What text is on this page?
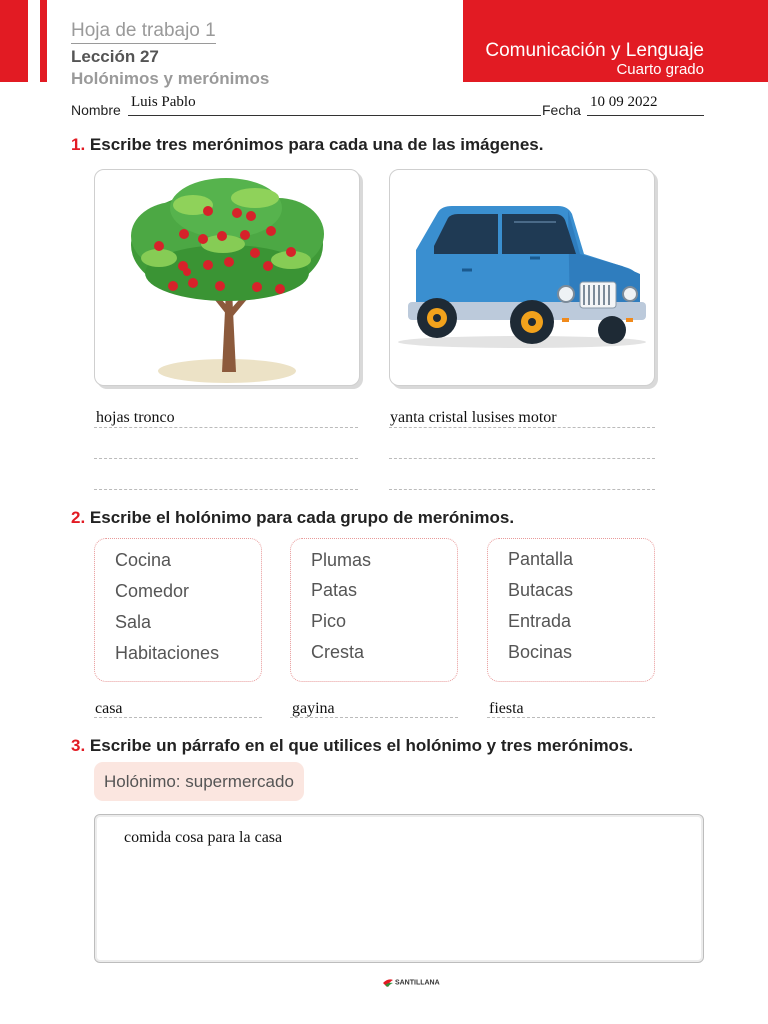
Comunicación y Lenguaje
Cuarto grado
Hoja de trabajo 1
Lección 27
Holónimos y merónimos
Nombre Luis Pablo	Fecha 10 09 2022
1. Escribe tres merónimos para cada una de las imágenes.
hojas tronco	yanta cristal lusises motor
2. Escribe el holónimo para cada grupo de merónimos.
Cocina
Comedor
Sala
Habitaciones
Plumas
Patas
Pico
Cresta
Pantalla
Butacas
Entrada
Bocinas
casa	gayina	fiesta
3. Escribe un párrafo en el que utilices el holónimo y tres merónimos.
Holónimo: supermercado
comida cosa para la casa
SANTILLANA
